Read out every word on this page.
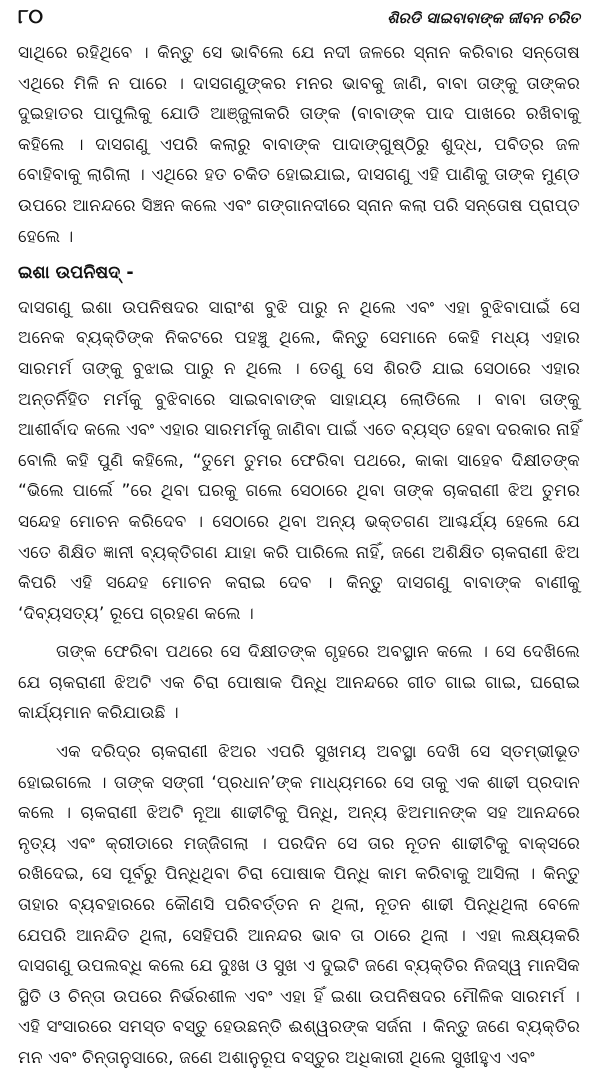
୮୦	ଶିରଡି ସାଇବାବାଙ୍କ ଜୀବନ ଚରିତ

ସାଥିରେ ରହିଥିବେ । କିନ୍ତୁ ସେ ଭାବିଲେ ଯେ ନଦୀ ଜଳରେ ସ୍ନାନ କରିବାର ସନ୍ତୋଷ ଏଥିରେ ମିଳି ନ ପାରେ । ଦାସଗଣୁଙ୍କର ମନର ଭାବକୁ ଜାଣି, ବାବା ତାଙ୍କୁ ତାଙ୍କର ଦୁଇହାତର ପାପୁଲିକୁ ଯୋଡି ଆଞ୍ଜୁଳାକରି ତାଙ୍କ (ବାବାଙ୍କ ପାଦ ପାଖରେ ରଖିବାକୁ କହିଲେ । ଦାସଗଣୁ ଏପରି କଲାରୁ ବାବାଙ୍କ ପାଦାଙ୍ଗୁଷ୍ଠିରୁ ଶୁଦ୍ଧ, ପବିତ୍ର ଜଳ ବୋହିବାକୁ ଲାଗିଲା । ଏଥିରେ ହତ ଚକିତ ହୋଇଯାଇ, ଦାସଗଣୁ ଏହି ପାଣିକୁ ତାଙ୍କ ମୁଣ୍ଡ ଉପରେ ଆନନ୍ଦରେ ସିଞ୍ଚନ କଲେ ଏବଂ ଗଙ୍ଗାନଦୀରେ ସ୍ନାନ କଲା ପରି ସନ୍ତୋଷ ପ୍ରାପ୍ତ ହେଲେ ।

ଇଶା ଉପନିଷଦ୍ -

ଦାସଗଣୁ ଇଶା ଉପନିଷଦର ସାରାଂଶ ବୁଝି ପାରୁ ନ ଥିଲେ ଏବଂ ଏହା ବୁଝିବାପାଇଁ ସେ ଅନେକ ବ୍ୟକ୍ତିଙ୍କ ନିକଟରେ ପହଞ୍ଚୁ ଥିଲେ, କିନ୍ତୁ ସେମାନେ କେହି ମଧ୍ୟ ଏହାର ସାରମର୍ମ ତାଙ୍କୁ ବୁଝାଇ ପାରୁ ନ ଥିଲେ । ତେଣୁ ସେ ଶିରଡି ଯାଇ ସେଠାରେ ଏହାର ଅନ୍ତର୍ନିହିତ ମର୍ମକୁ ବୁଝିବାରେ ସାଇବାବାଙ୍କ ସାହାଯ୍ୟ ଲୋଡିଲେ । ବାବା ତାଙ୍କୁ ଆଶୀର୍ବାଦ କଲେ ଏବଂ ଏହାର ସାରମର୍ମକୁ ଜାଣିବା ପାଇଁ ଏତେ ବ୍ୟସ୍ତ ହେବା ଦରକାର ନାହିଁ ବୋଲି କହି ପୁଣି କହିଲେ, “ତୁମେ ତୁମର ଫେରିବା ପଥରେ, କାକା ସାହେବ ଦିକ୍ଷୀତଙ୍କ “ଭିଲେ ପାର୍ଲେ ”ରେ ଥିବା ଘରକୁ ଗଲେ ସେଠାରେ ଥିବା ତାଙ୍କ ଚାକରାଣୀ ଝିଅ ତୁମର ସନ୍ଦେହ ମୋଚନ କରିଦେବ । ସେଠାରେ ଥିବା ଅନ୍ୟ ଭକ୍ତଗଣ ଆଶ୍ଚର୍ଯ୍ୟ ହେଲେ ଯେ ଏତେ ଶିକ୍ଷିତ ଜ୍ଞାନୀ ବ୍ୟକ୍ତିଗଣ ଯାହା କରି ପାରିଲେ ନାହିଁ, ଜଣେ ଅଶିକ୍ଷିତ ଚାକରାଣୀ ଝିଅ କିପରି ଏହି ସନ୍ଦେହ ମୋଚନ କରାଇ ଦେବ । କିନ୍ତୁ ଦାସଗଣୁ ବାବାଙ୍କ ବାଣୀକୁ ‘ଦିବ୍ୟସତ୍ୟ’ ରୂପେ ଗ୍ରହଣ କଲେ ।

ତାଙ୍କ ଫେରିବା ପଥରେ ସେ ଦିକ୍ଷୀତଙ୍କ ଗୃହରେ ଅବସ୍ଥାନ କଲେ । ସେ ଦେଖିଲେ ଯେ ଚାକରାଣୀ ଝିଅଟି ଏକ ଚିରା ପୋଷାକ ପିନ୍ଧି ଆନନ୍ଦରେ ଗୀତ ଗାଇ ଗାଇ, ଘରୋଇ କାର୍ଯ୍ୟମାନ କରିଯାଉଛି ।

ଏକ ଦରିଦ୍ର ଚାକରାଣୀ ଝିଅର ଏପରି ସୁଖମୟ ଅବସ୍ଥା ଦେଖି ସେ ସ୍ତମ୍ଭୀଭୂତ ହୋଇଗଲେ । ତାଙ୍କ ସଙ୍ଗୀ ‘ପ୍ରଧାନ’ଙ୍କ ମାଧ୍ୟମରେ ସେ ତାକୁ ଏକ ଶାଢୀ ପ୍ରଦାନ କଲେ । ଚାକରାଣୀ ଝିଅଟି ନୂଆ ଶାଢୀଟିକୁ ପିନ୍ଧି, ଅନ୍ୟ ଝିଅମାନଙ୍କ ସହ ଆନନ୍ଦରେ ନୃତ୍ୟ ଏବଂ କ୍ରୀଡାରେ ମଜ୍ଜିଗଲା । ପରଦିନ ସେ ତାର ନୂତନ ଶାଢୀଟିକୁ ବାକ୍ସରେ ରଖିଦେଇ, ସେ ପୂର୍ବରୁ ପିନ୍ଧିଥିବା ଚିରା ପୋଷାକ ପିନ୍ଧି କାମ କରିବାକୁ ଆସିଲା । କିନ୍ତୁ ତାହାର ବ୍ୟବହାରରେ କୌଣସି ପରିବର୍ତ୍ତନ ନ ଥିଲା, ନୂତନ ଶାଢୀ ପିନ୍ଧିଥିଲା ବେଳେ ଯେପରି ଆନନ୍ଦିତ ଥିଲା, ସେହିପରି ଆନନ୍ଦର ଭାବ ତା ଠାରେ ଥିଲା । ଏହା ଲକ୍ଷ୍ୟକରି ଦାସଗଣୁ ଉପଲବ୍ଧି କଲେ ଯେ ଦୁଃଖ ଓ ସୁଖ ଏ ଦୁଇଟି ଜଣେ ବ୍ୟକ୍ତିର ନିଜସ୍ୱ ମାନସିକ ସ୍ଥିତି ଓ ଚିନ୍ତା ଉପରେ ନିର୍ଭରଶୀଳ ଏବଂ ଏହା ହିଁ ଇଶା ଉପନିଷଦର ମୌଳିକ ସାରମର୍ମ । ଏହି ସଂସାରରେ ସମସ୍ତ ବସ୍ତୁ ହେଉଛନ୍ତି ଈଶ୍ୱରଙ୍କ ସର୍ଜନା । କିନ୍ତୁ ଜଣେ ବ୍ୟକ୍ତିର ମନ ଏବଂ ଚିନ୍ତାନୁସାରେ, ଜଣେ ଅଶାନୁରୂପ ବସ୍ତୁର ଅଧିକାରୀ ଥିଲେ ସୁଖୀହୁଏ ଏବଂ
